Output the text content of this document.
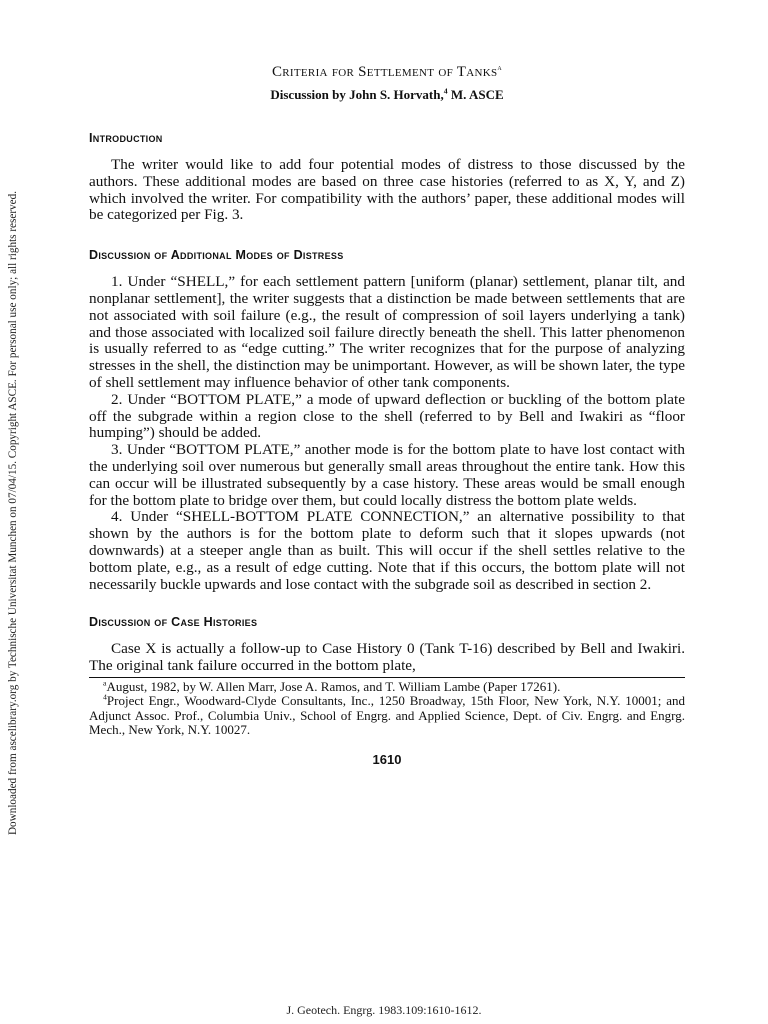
Downloaded from ascelibrary.org by Technische Universitat Munchen on 07/04/15. Copyright ASCE. For personal use only; all rights reserved.
Criteria for Settlement of Tanks$^a$
Discussion by John S. Horvath,$^4$ M. ASCE
Introduction

The writer would like to add four potential modes of distress to those discussed by the authors. These additional modes are based on three case histories (referred to as X, Y, and Z) which involved the writer. For compatibility with the authors’ paper, these additional modes will be categorized per Fig. 3.

Discussion of Additional Modes of Distress

1. Under “SHELL,” for each settlement pattern [uniform (planar) settlement, planar tilt, and nonplanar settlement], the writer suggests that a distinction be made between settlements that are not associated with soil failure (e.g., the result of compression of soil layers underlying a tank) and those associated with localized soil failure directly beneath the shell. This latter phenomenon is usually referred to as “edge cutting.” The writer recognizes that for the purpose of analyzing stresses in the shell, the distinction may be unimportant. However, as will be shown later, the type of shell settlement may influence behavior of other tank components.

2. Under “BOTTOM PLATE,” a mode of upward deflection or buckling of the bottom plate off the subgrade within a region close to the shell (referred to by Bell and Iwakiri as “floor humping”) should be added.

3. Under “BOTTOM PLATE,” another mode is for the bottom plate to have lost contact with the underlying soil over numerous but generally small areas throughout the entire tank. How this can occur will be illustrated subsequently by a case history. These areas would be small enough for the bottom plate to bridge over them, but could locally distress the bottom plate welds.

4. Under “SHELL-BOTTOM PLATE CONNECTION,” an alternative possibility to that shown by the authors is for the bottom plate to deform such that it slopes upwards (not downwards) at a steeper angle than as built. This will occur if the shell settles relative to the bottom plate, e.g., as a result of edge cutting. Note that if this occurs, the bottom plate will not necessarily buckle upwards and lose contact with the subgrade soil as described in section 2.

Discussion of Case Histories

Case X is actually a follow-up to Case History 0 (Tank T-16) described by Bell and Iwakiri. The original tank failure occurred in the bottom plate,

$^a$August, 1982, by W. Allen Marr, Jose A. Ramos, and T. William Lambe (Paper 17261).

$^4$Project Engr., Woodward-Clyde Consultants, Inc., 1250 Broadway, 15th Floor, New York, N.Y. 10001; and Adjunct Assoc. Prof., Columbia Univ., School of Engrg. and Applied Science, Dept. of Civ. Engrg. and Engrg. Mech., New York, N.Y. 10027.

1610
J. Geotech. Engrg. 1983.109:1610-1612.
